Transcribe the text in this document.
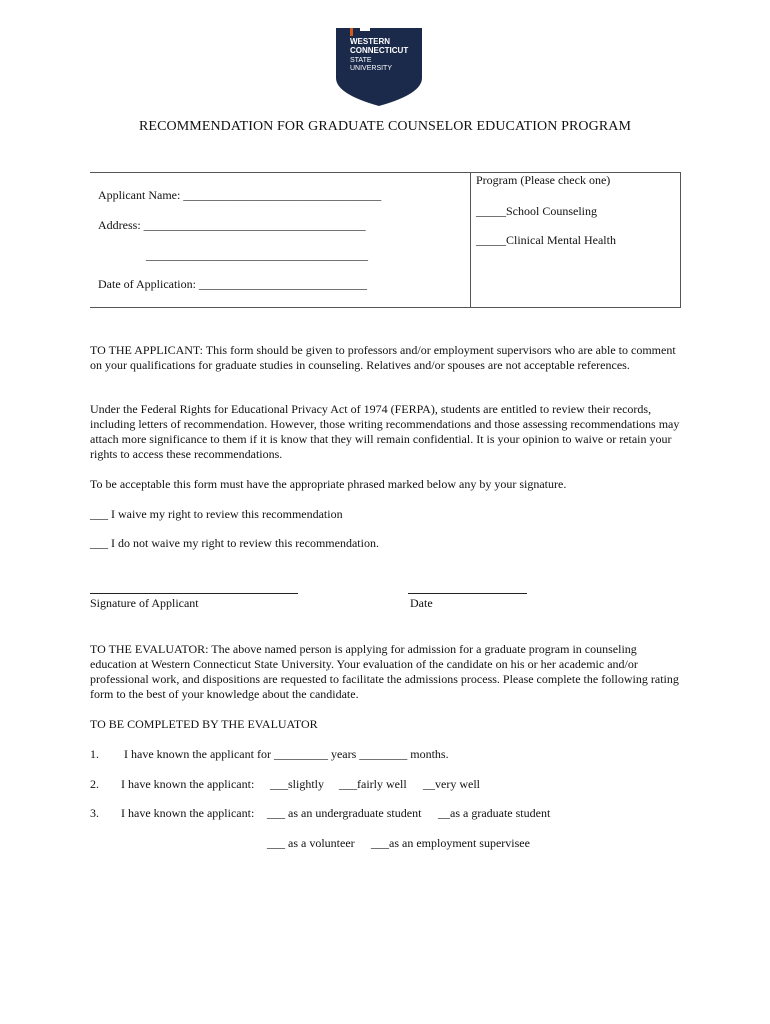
WESTERN
CONNECTICUT
STATE
UNIVERSITY
RECOMMENDATION FOR GRADUATE COUNSELOR EDUCATION PROGRAM
Applicant Name: _________________________________
Address: _____________________________________
_____________________________________
Date of Application: ____________________________
Program (Please check one)
_____School Counseling
_____Clinical Mental Health
TO THE APPLICANT: This form should be given to professors and/or employment supervisors who are able to comment on your qualifications for graduate studies in counseling. Relatives and/or spouses are not acceptable references.
Under the Federal Rights for Educational Privacy Act of 1974 (FERPA), students are entitled to review their records, including letters of recommendation. However, those writing recommendations and those assessing recommendations may attach more significance to them if it is know that they will remain confidential. It is your opinion to waive or retain your rights to access these recommendations.
To be acceptable this form must have the appropriate phrased marked below any by your signature.
___ I waive my right to review this recommendation
___ I do not waive my right to review this recommendation.
Signature of Applicant	Date
TO THE EVALUATOR: The above named person is applying for admission for a graduate program in counseling education at Western Connecticut State University. Your evaluation of the candidate on his or her academic and/or professional work, and dispositions are requested to facilitate the admissions process. Please complete the following rating form to the best of your knowledge about the candidate.
TO BE COMPLETED BY THE EVALUATOR
1. I have known the applicant for _________ years ________ months.
2. I have known the applicant: ___slightly ___fairly well __very well
3. I have known the applicant: ___ as an undergraduate student __as a graduate student
___ as a volunteer ___as an employment supervisee
